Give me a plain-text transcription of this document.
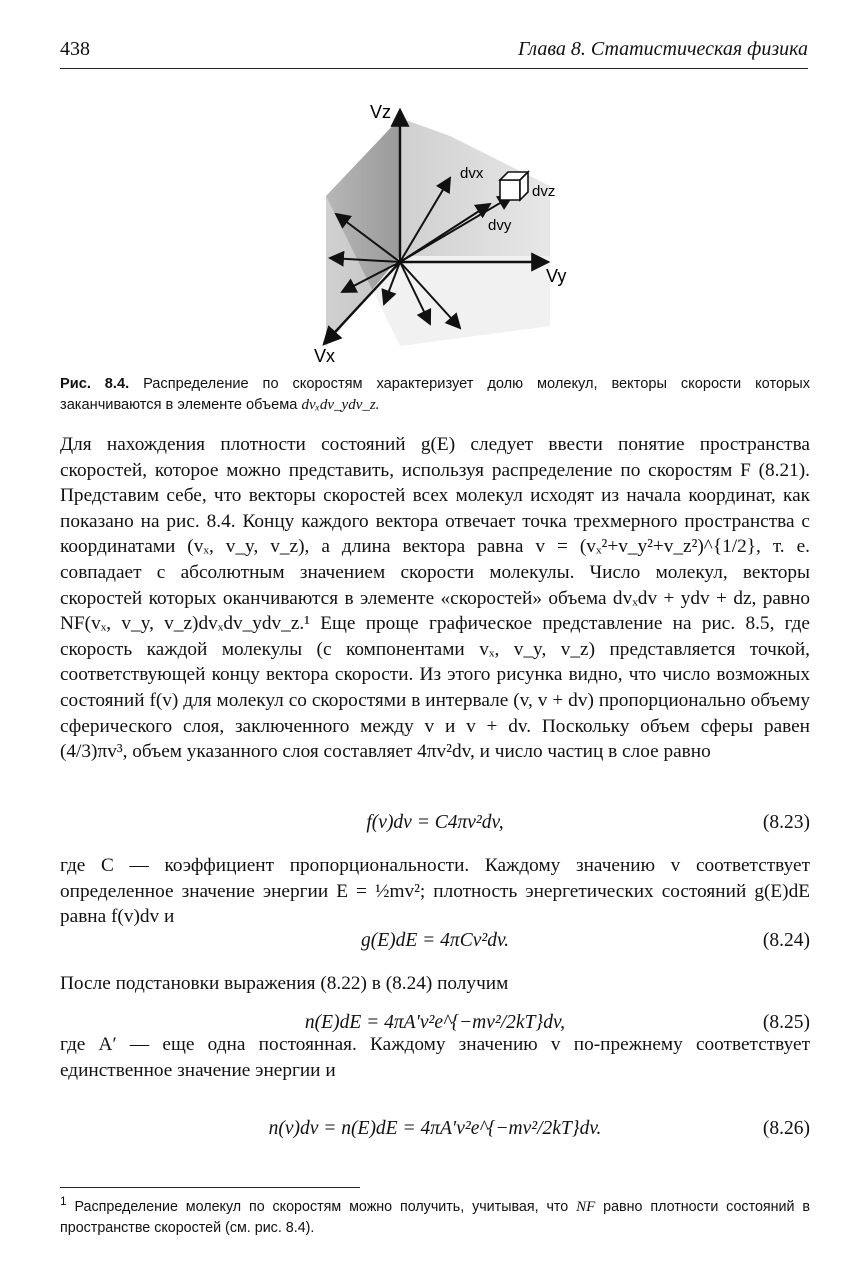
438	Глава 8. Статистическая физика
Vz
Vy
Vx
dvx
dvy
dvz
Рис. 8.4. Распределение по скоростям характеризует долю молекул, векторы скорости которых заканчиваются в элементе объема dvₓdv_ydv_z.
Для нахождения плотности состояний g(E) следует ввести понятие пространства скоростей, которое можно представить, используя распределение по скоростям F (8.21). Представим себе, что векторы скоростей всех молекул исходят из начала координат, как показано на рис. 8.4. Концу каждого вектора отвечает точка трехмерного пространства с координатами (vₓ, v_y, v_z), а длина вектора равна v = (vₓ²+v_y²+v_z²)^{1/2}, т. е. совпадает с абсолютным значением скорости молекулы. Число молекул, векторы скоростей которых оканчиваются в элементе «скоростей» объема dvₓdv + ydv + dz, равно NF(vₓ, v_y, v_z)dvₓdv_ydv_z.¹ Еще проще графическое представление на рис. 8.5, где скорость каждой молекулы (с компонентами vₓ, v_y, v_z) представляется точкой, соответствующей концу вектора скорости. Из этого рисунка видно, что число возможных состояний f(v) для молекул со скоростями в интервале (v, v + dv) пропорционально объему сферического слоя, заключенного между v и v + dv. Поскольку объем сферы равен (4/3)πv³, объем указанного слоя составляет 4πv²dv, и число частиц в слое равно
f(v)dv = C4πv²dv,	(8.23)
где C — коэффициент пропорциональности. Каждому значению v соответствует определенное значение энергии E = ½mv²; плотность энергетических состояний g(E)dE равна f(v)dv и
g(E)dE = 4πCv²dv.	(8.24)
После подстановки выражения (8.22) в (8.24) получим
n(E)dE = 4πA′v²e^{−mv²/2kT}dv,	(8.25)
где A′ — еще одна постоянная. Каждому значению v по-прежнему соответствует единственное значение энергии и
n(v)dv = n(E)dE = 4πA′v²e^{−mv²/2kT}dv.	(8.26)
$^1$ Распределение молекул по скоростям можно получить, учитывая, что NF равно плотности состояний в пространстве скоростей (см. рис. 8.4).
